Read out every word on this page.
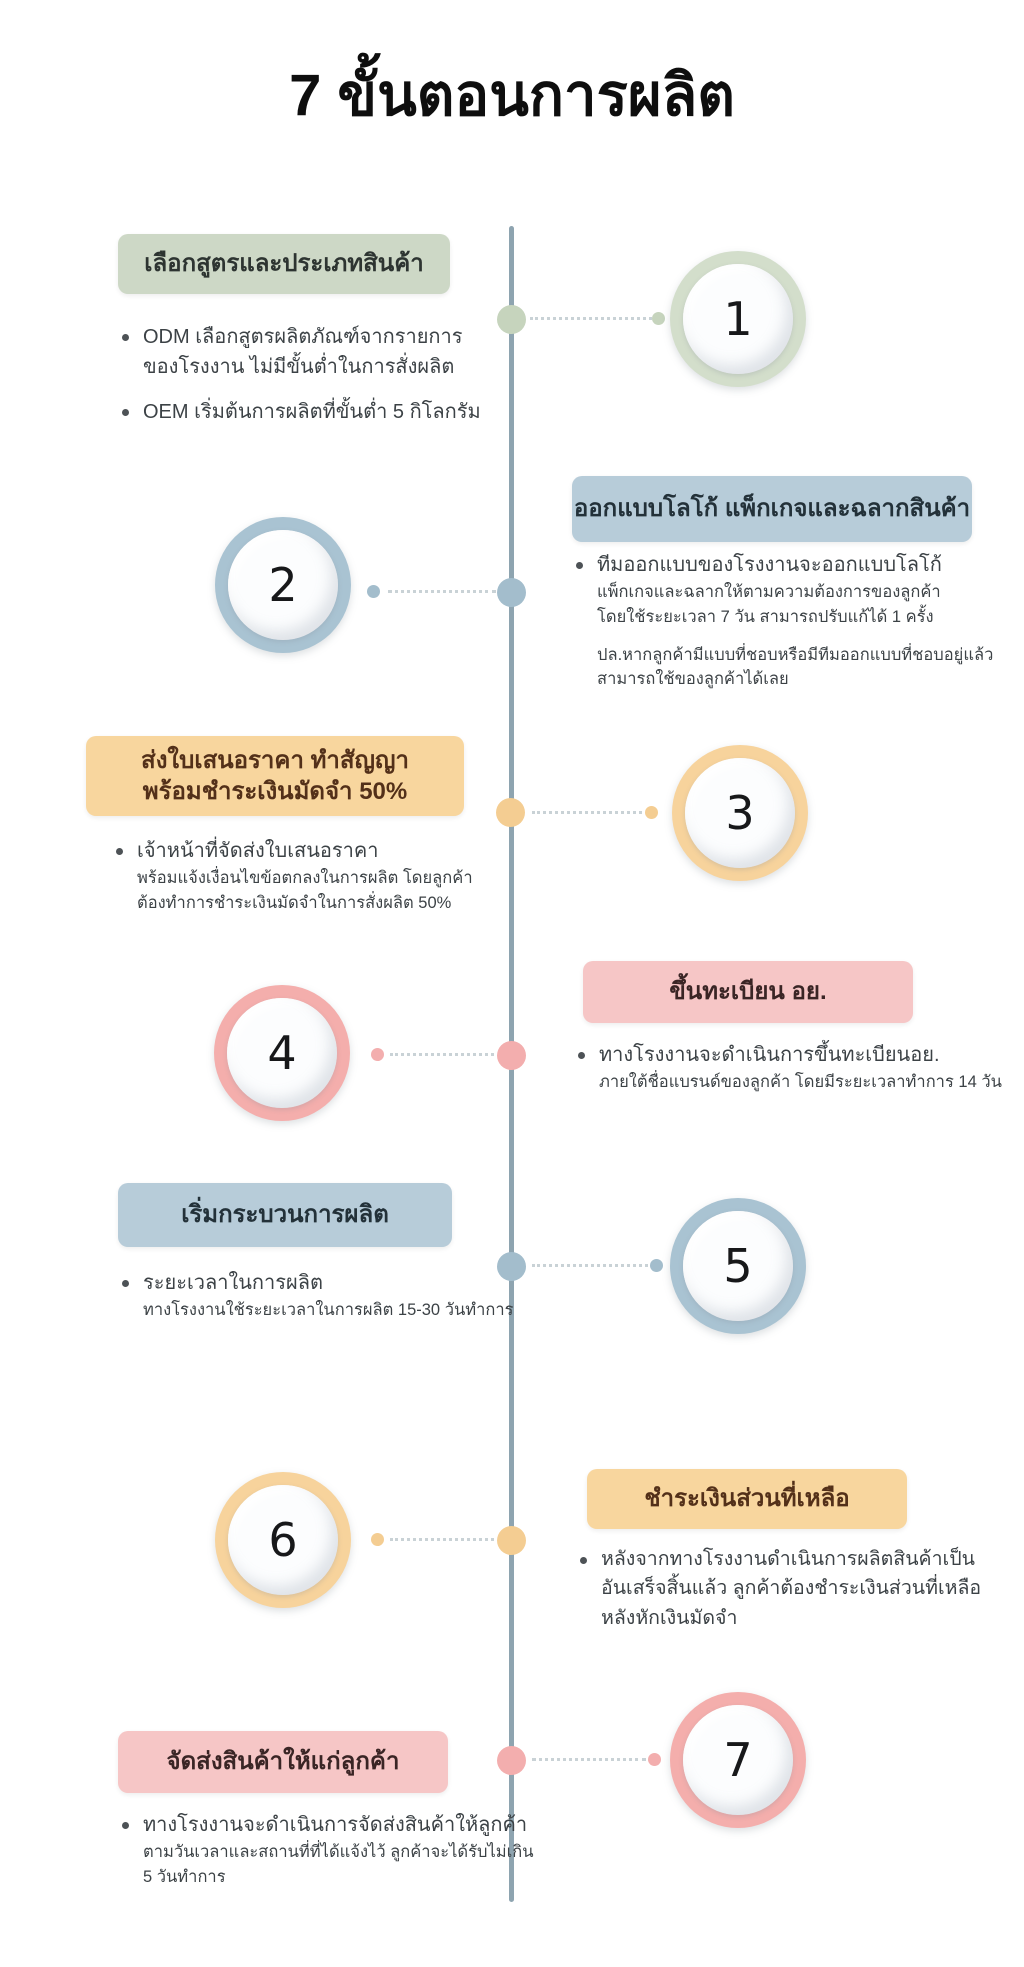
7 ขั้นตอนการผลิต
เลือกสูตรและประเภทสินค้า
1
ODM เลือกสูตรผลิตภัณฑ์จากรายการ
ของโรงงาน ไม่มีขั้นต่ำในการสั่งผลิต
OEM เริ่มต้นการผลิตที่ขั้นต่ำ 5 กิโลกรัม
2
ออกแบบโลโก้ แพ็กเกจและฉลากสินค้า
ทีมออกแบบของโรงงานจะออกแบบโลโก้
แพ็กเกจและฉลากให้ตามความต้องการของลูกค้า
โดยใช้ระยะเวลา 7 วัน สามารถปรับแก้ได้ 1 ครั้ง
ปล.หากลูกค้ามีแบบที่ชอบหรือมีทีมออกแบบที่ชอบอยู่แล้ว
สามารถใช้ของลูกค้าได้เลย
ส่งใบเสนอราคา ทำสัญญา
พร้อมชำระเงินมัดจำ 50%	3
เจ้าหน้าที่จัดส่งใบเสนอราคา
พร้อมแจ้งเงื่อนไขข้อตกลงในการผลิต โดยลูกค้า
ต้องทำการชำระเงินมัดจำในการสั่งผลิต 50%
4
ขึ้นทะเบียน อย.
ทางโรงงานจะดำเนินการขึ้นทะเบียนอย.
ภายใต้ชื่อแบรนด์ของลูกค้า โดยมีระยะเวลาทำการ 14 วัน
เริ่มกระบวนการผลิต
5
ระยะเวลาในการผลิต
ทางโรงงานใช้ระยะเวลาในการผลิต 15-30 วันทำการ
6
ชำระเงินส่วนที่เหลือ
หลังจากทางโรงงานดำเนินการผลิตสินค้าเป็น
อันเสร็จสิ้นแล้ว ลูกค้าต้องชำระเงินส่วนที่เหลือ
หลังหักเงินมัดจำ
จัดส่งสินค้าให้แก่ลูกค้า	7
ทางโรงงานจะดำเนินการจัดส่งสินค้าให้ลูกค้า
ตามวันเวลาและสถานที่ที่ได้แจ้งไว้ ลูกค้าจะได้รับไม่เกิน
5 วันทำการ
